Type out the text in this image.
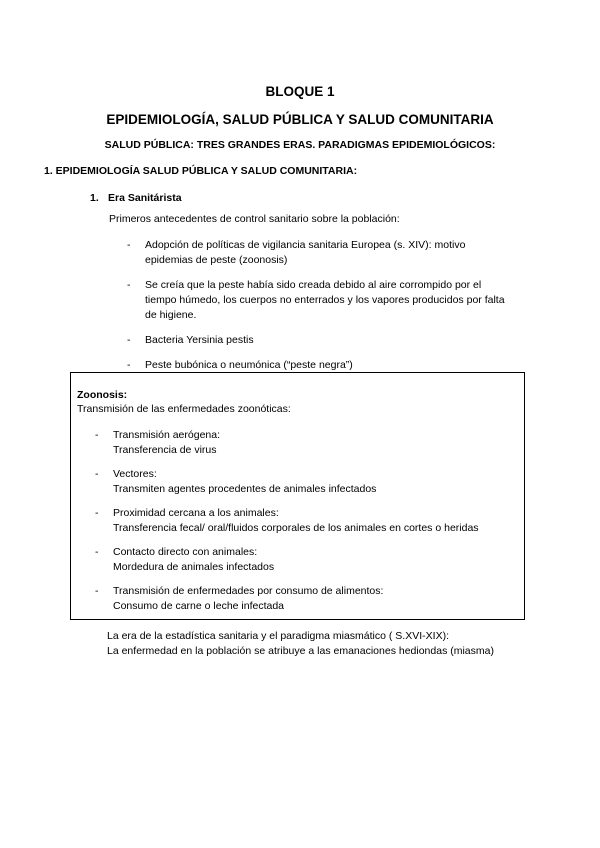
BLOQUE 1
EPIDEMIOLOGÍA, SALUD PÚBLICA Y SALUD COMUNITARIA
SALUD PÚBLICA: TRES GRANDES ERAS. PARADIGMAS EPIDEMIOLÓGICOS:
1. EPIDEMIOLOGÍA SALUD PÚBLICA Y SALUD COMUNITARIA:
1. Era Sanitárista
Primeros antecedentes de control sanitario sobre la población:
- Adopción de políticas de vigilancia sanitaria Europea (s. XIV): motivo
epidemias de peste (zoonosis)
- Se creía que la peste había sido creada debido al aire corrompido por el
tiempo húmedo, los cuerpos no enterrados y los vapores producidos por falta
de higiene.
- Bacteria Yersinia pestis
- Peste bubónica o neumónica (“peste negra”)
Zoonosis:
Transmisión de las enfermedades zoonóticas:
- Transmisión aerógena:
Transferencia de virus
- Vectores:
Transmiten agentes procedentes de animales infectados
- Proximidad cercana a los animales:
Transferencia fecal/ oral/fluidos corporales de los animales en cortes o heridas
- Contacto directo con animales:
Mordedura de animales infectados
- Transmisión de enfermedades por consumo de alimentos:
Consumo de carne o leche infectada
La era de la estadística sanitaria y el paradigma miasmático ( S.XVI-XIX):
La enfermedad en la población se atribuye a las emanaciones hediondas (miasma)
